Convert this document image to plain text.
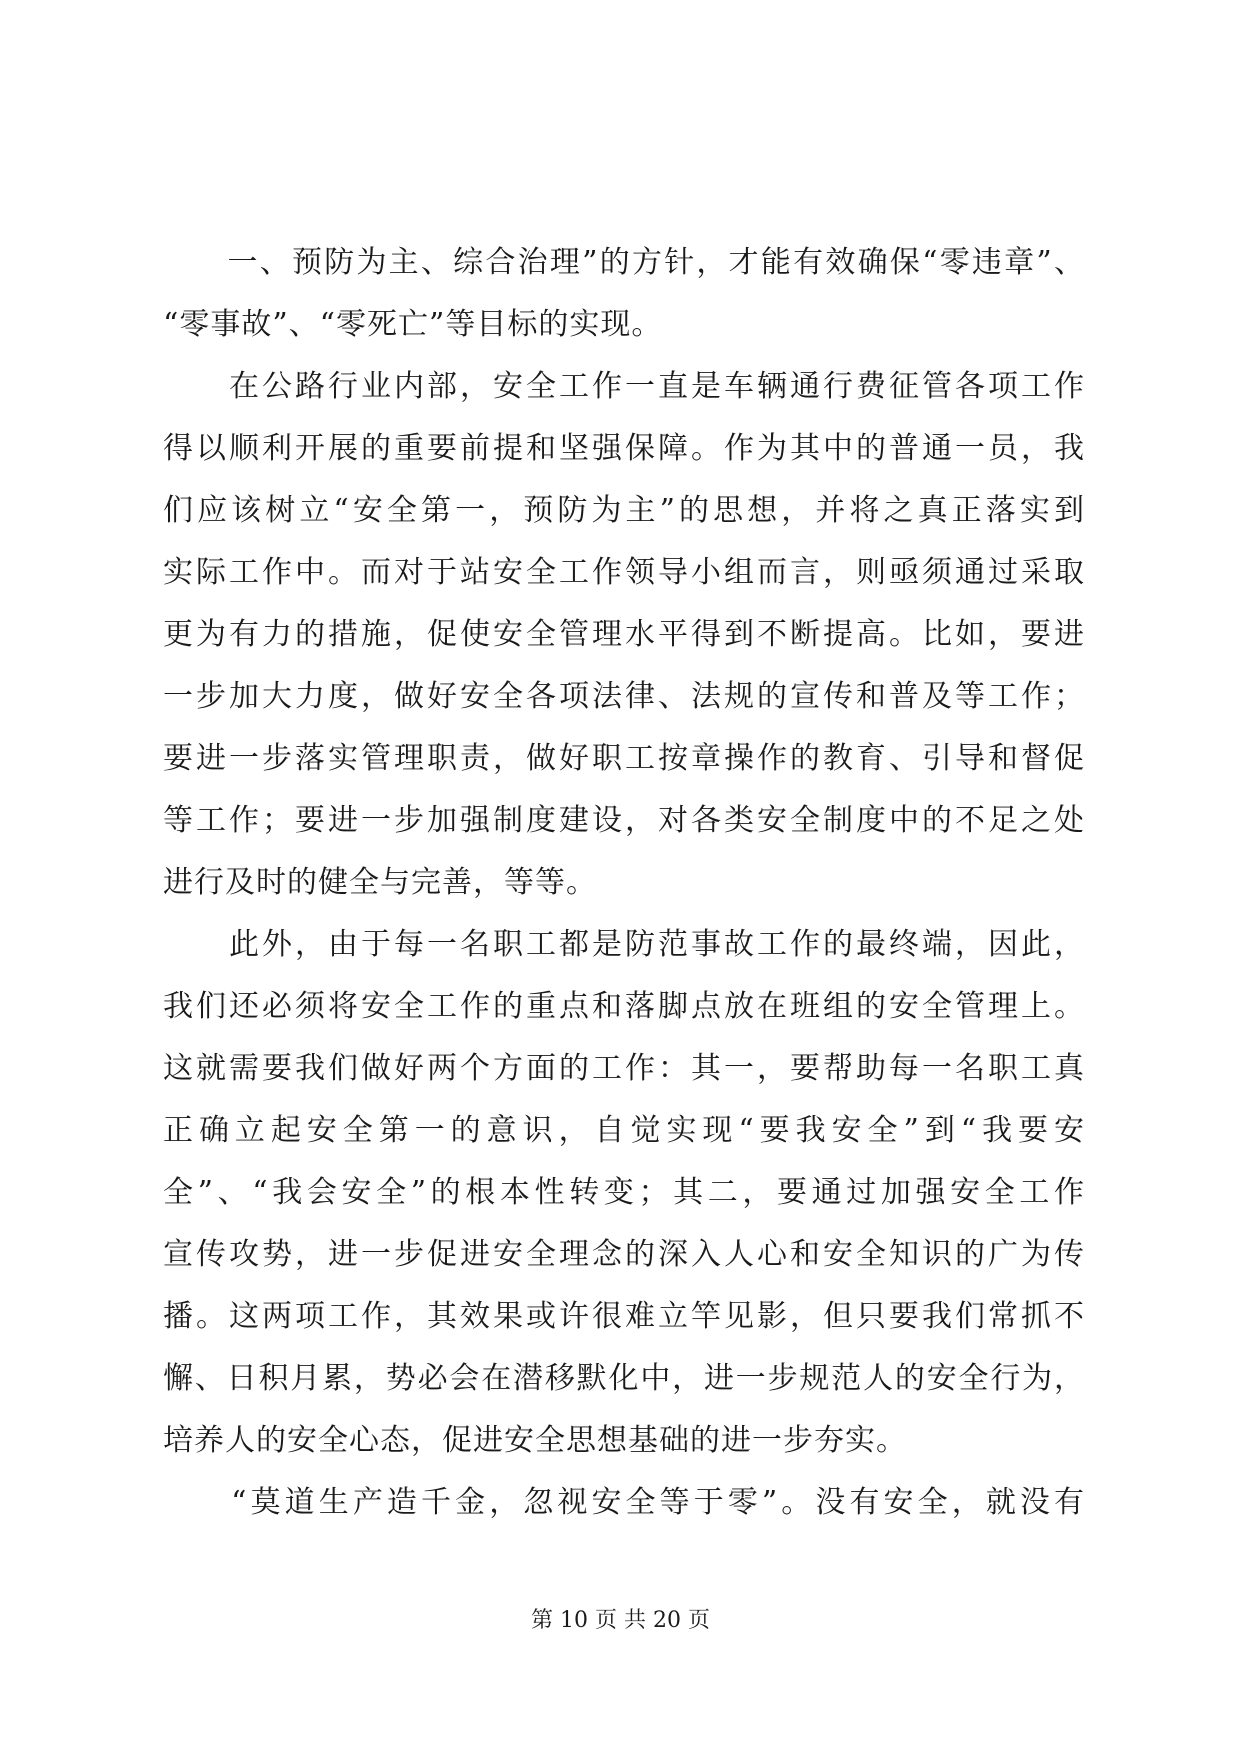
　　一、预防为主、综合治理”的方针，才能有效确保“零违章”、
“零事故”、“零死亡”等目标的实现。
　　在公路行业内部，安全工作一直是车辆通行费征管各项工作
得以顺利开展的重要前提和坚强保障。作为其中的普通一员，我
们应该树立“安全第一，预防为主”的思想，并将之真正落实到
实际工作中。而对于站安全工作领导小组而言，则亟须通过采取
更为有力的措施，促使安全管理水平得到不断提高。比如，要进
一步加大力度，做好安全各项法律、法规的宣传和普及等工作；
要进一步落实管理职责，做好职工按章操作的教育、引导和督促
等工作；要进一步加强制度建设，对各类安全制度中的不足之处
进行及时的健全与完善，等等。
　　此外，由于每一名职工都是防范事故工作的最终端，因此，
我们还必须将安全工作的重点和落脚点放在班组的安全管理上。
这就需要我们做好两个方面的工作：其一，要帮助每一名职工真
正确立起安全第一的意识，自觉实现“要我安全”到“我要安
全”、“我会安全”的根本性转变；其二，要通过加强安全工作
宣传攻势，进一步促进安全理念的深入人心和安全知识的广为传
播。这两项工作，其效果或许很难立竿见影，但只要我们常抓不
懈、日积月累，势必会在潜移默化中，进一步规范人的安全行为，
培养人的安全心态，促进安全思想基础的进一步夯实。
　　“莫道生产造千金，忽视安全等于零”。没有安全，就没有
第 10 页 共 20 页
